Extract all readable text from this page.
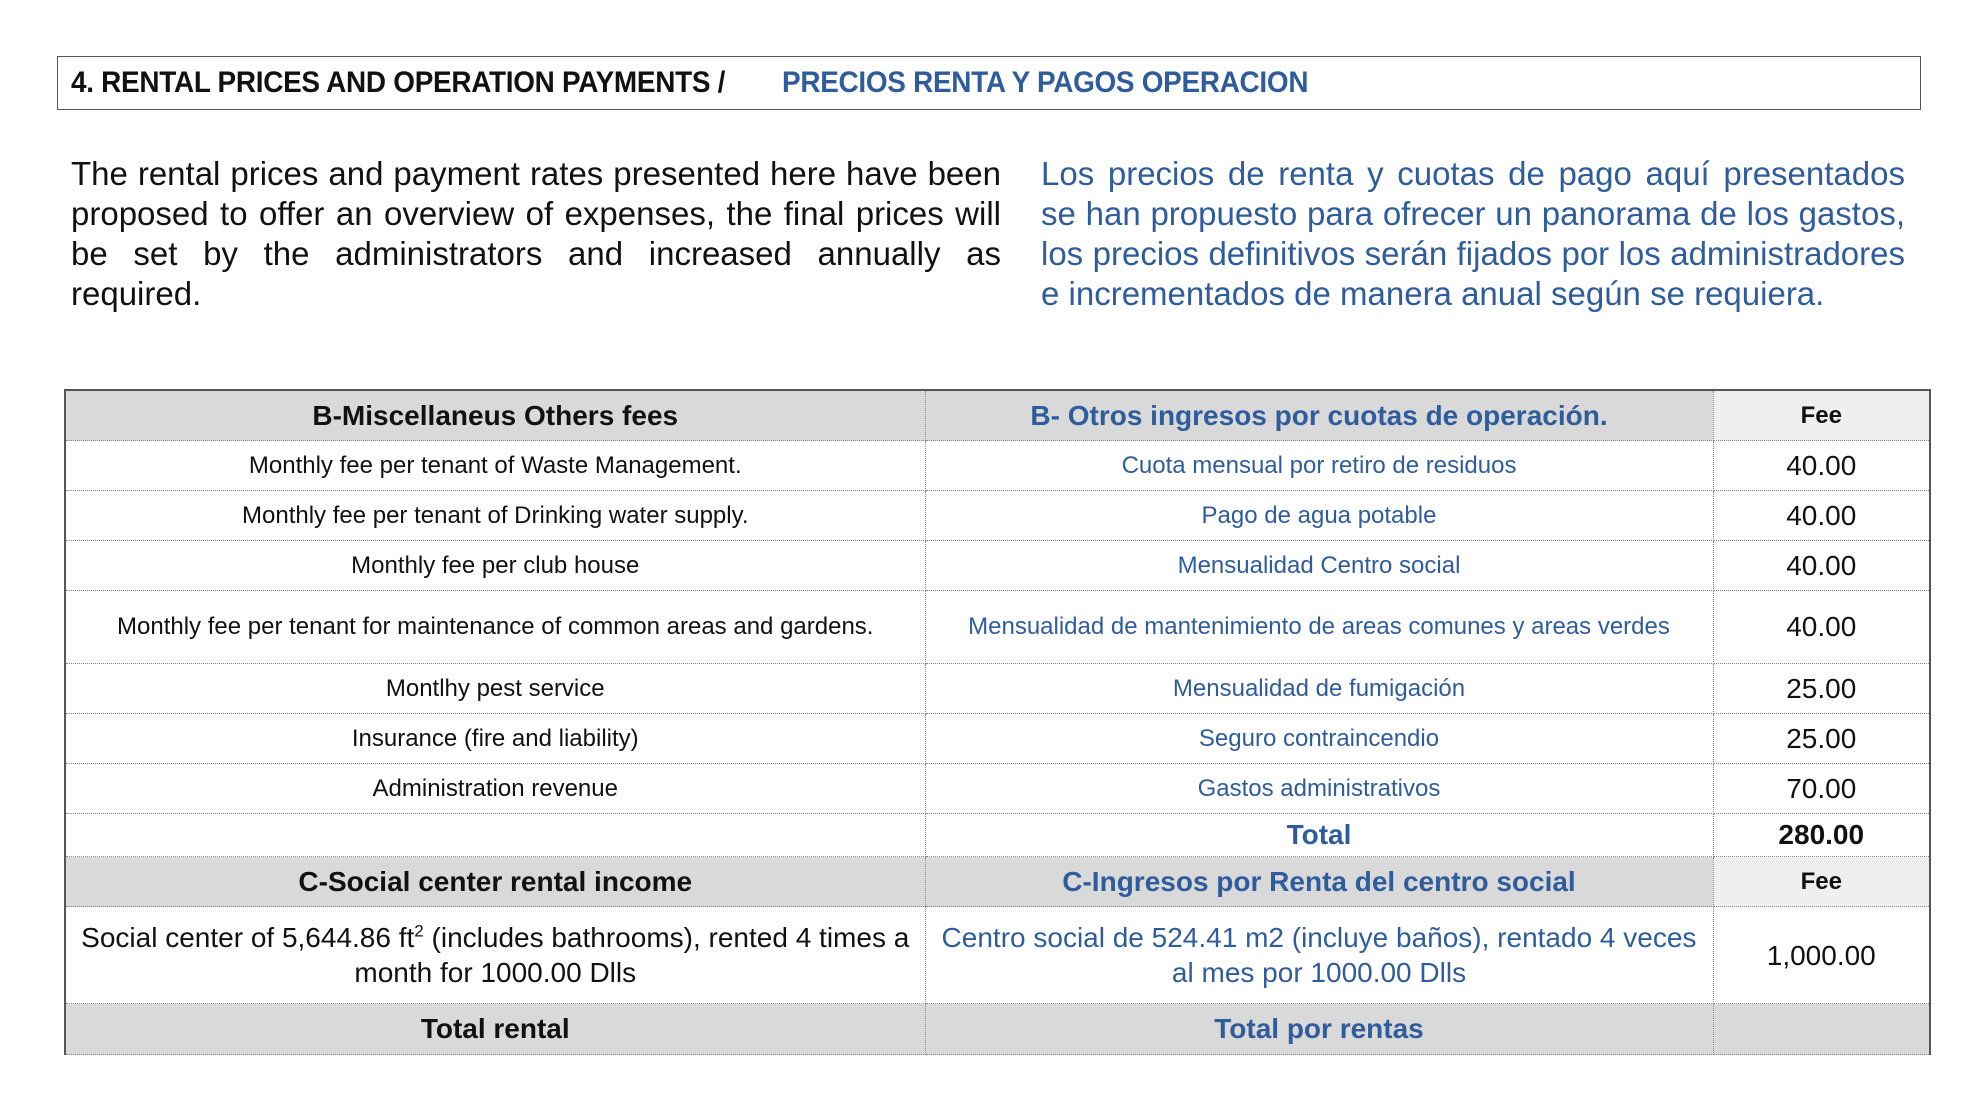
4. RENTAL PRICES AND OPERATION PAYMENTS /
PRECIOS RENTA Y PAGOS OPERACION

The rental prices and payment rates presented here have been proposed to offer an overview of expenses, the final prices will be set by the administrators and increased annually as required.

Los precios de renta y cuotas de pago aquí presentados se han propuesto para ofrecer un panorama de los gastos, los precios definitivos serán fijados por los administradores e incrementados de manera anual según se requiera.

B-Miscellaneus Others fees	B- Otros ingresos por cuotas de operación.	Fee
Monthly fee per tenant of Waste Management.	Cuota mensual por retiro de residuos	40.00
Monthly fee per tenant of Drinking water supply.	Pago de agua potable	40.00
Monthly fee per club house	Mensualidad Centro social	40.00
Monthly fee per tenant for maintenance of common areas and gardens.	Mensualidad de mantenimiento de areas comunes y areas verdes	40.00
Montlhy pest service	Mensualidad de fumigación	25.00
Insurance (fire and liability)	Seguro contraincendio	25.00
Administration revenue	Gastos administrativos	70.00
	Total	280.00
C-Social center rental income	C-Ingresos por Renta del centro social	Fee
Social center of 5,644.86 $ft^2$ (includes bathrooms), rented 4 times a month for 1000.00 Dlls	Centro social de 524.41 m2 (incluye baños), rentado 4 veces al mes por 1000.00 Dlls	1,000.00
Total rental	Total por rentas	
